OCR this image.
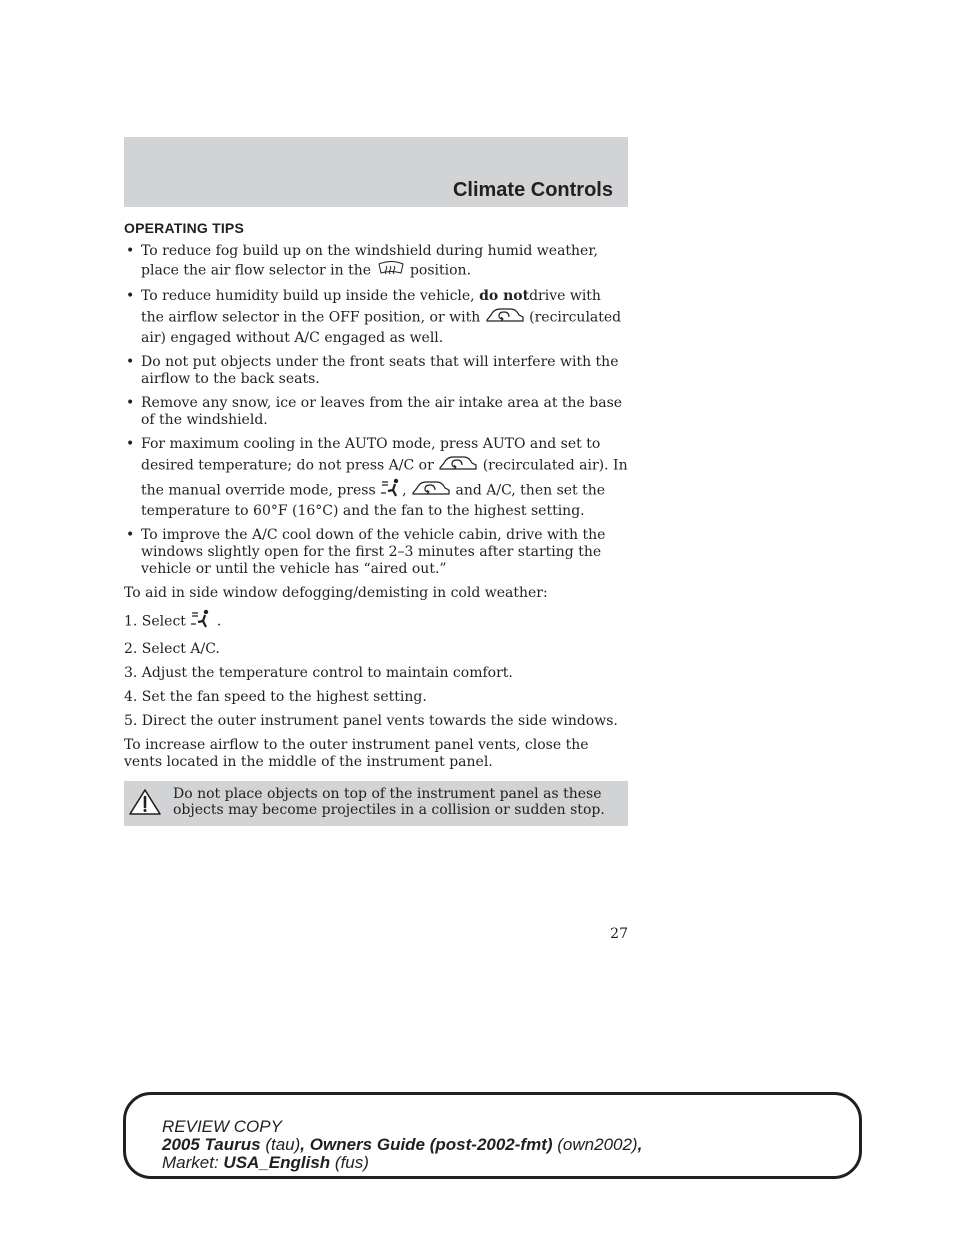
Climate Controls
OPERATING TIPS
• To reduce fog build up on the windshield during humid weather, place the air flow selector in the	position.
• To reduce humidity build up inside the vehicle, do notdrive with the airflow selector in the OFF position, or with	(recirculated air) engaged without A/C engaged as well.
• Do not put objects under the front seats that will interfere with the airflow to the back seats.
• Remove any snow, ice or leaves from the air intake area at the base of the windshield.
• For maximum cooling in the AUTO mode, press AUTO and set to desired temperature; do not press A/C or	(recirculated air). In the manual override mode, press ,	and A/C, then set the temperature to 60°F (16°C) and the fan to the highest setting.
• To improve the A/C cool down of the vehicle cabin, drive with the windows slightly open for the first 2–3 minutes after starting the vehicle or until the vehicle has “aired out.”

To aid in side window defogging/demisting in cold weather:

1. Select .

2. Select A/C.

3. Adjust the temperature control to maintain comfort.

4. Set the fan speed to the highest setting.

5. Direct the outer instrument panel vents towards the side windows.

To increase airflow to the outer instrument panel vents, close the vents located in the middle of the instrument panel.

Do not place objects on top of the instrument panel as these objects may become projectiles in a collision or sudden stop.
27
REVIEW COPY
2005 Taurus (tau), Owners Guide (post-2002-fmt) (own2002),
Market: USA_English (fus)
